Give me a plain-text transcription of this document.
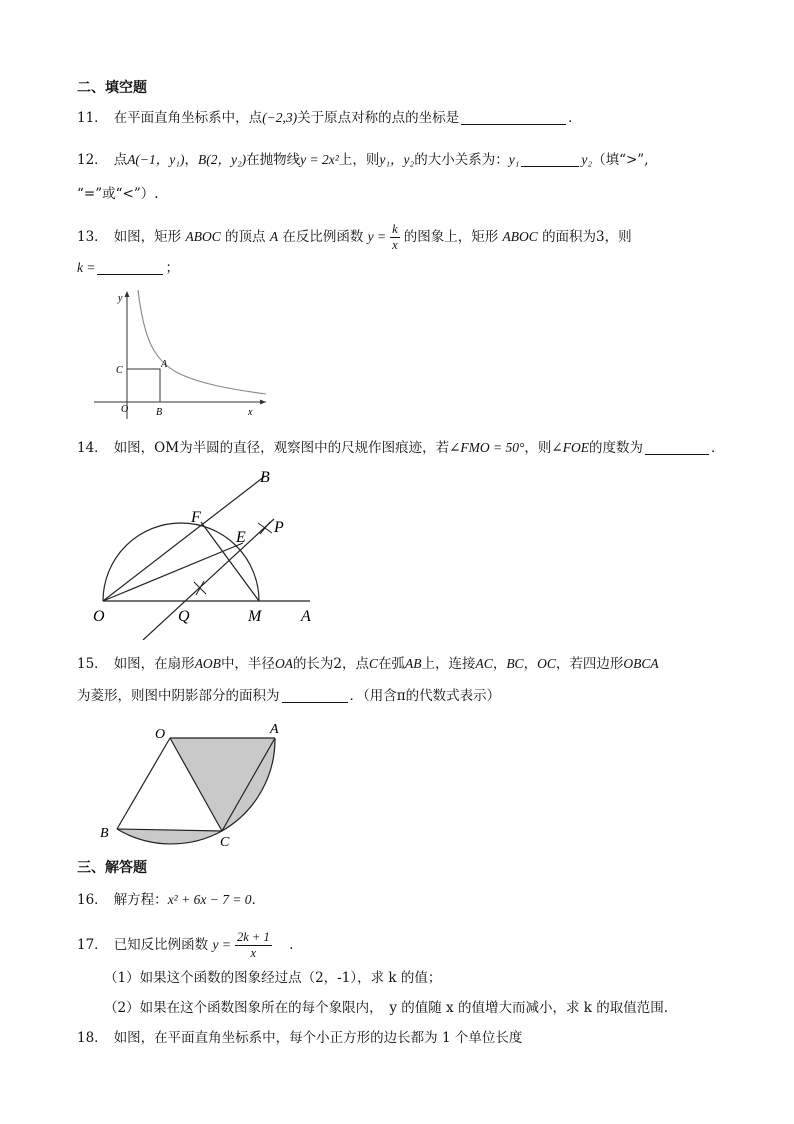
二、填空题
11． 在平面直角坐标系中，点(−2,3)关于原点对称的点的坐标是	．
12． 点A(−1，y₁)，B(2，y₂)在抛物线y = 2x²上，则y₁，y₂的大小关系为：y₁	y₂（填“>”,
“=”或“<”）.
13． 如图，矩形 ABOC 的顶点 A 在反比例函数 $y = \frac{k}{x}$ 的图象上，矩形 ABOC 的面积为3，则
k =	；
y
x
C
A
O	B
14． 如图，OM为半圆的直径，观察图中的尺规作图痕迹，若∠FMO = 50°，则∠FOE的度数为	．
B
F
E
P
O	Q	M A
15． 如图，在扇形AOB中，半径OA的长为2，点C在弧AB上，连接AC，BC，OC，若四边形OBCA
为菱形，则图中阴影部分的面积为	．（用含π的代数式表示）
O	A
B
C
三、解答题
16． 解方程：x² + 6x − 7 = 0．
17． 已知反比例函数 $y = \frac{2k + 1}{x}$
　 ．
（1）如果这个函数的图象经过点（2，-1），求 k 的值；
（2）如果在这个函数图象所在的每个象限内，　y 的值随 x 的值增大而减小，求 k 的取值范围.
18． 如图，在平面直角坐标系中，每个小正方形的边长都为 1 个单位长度
